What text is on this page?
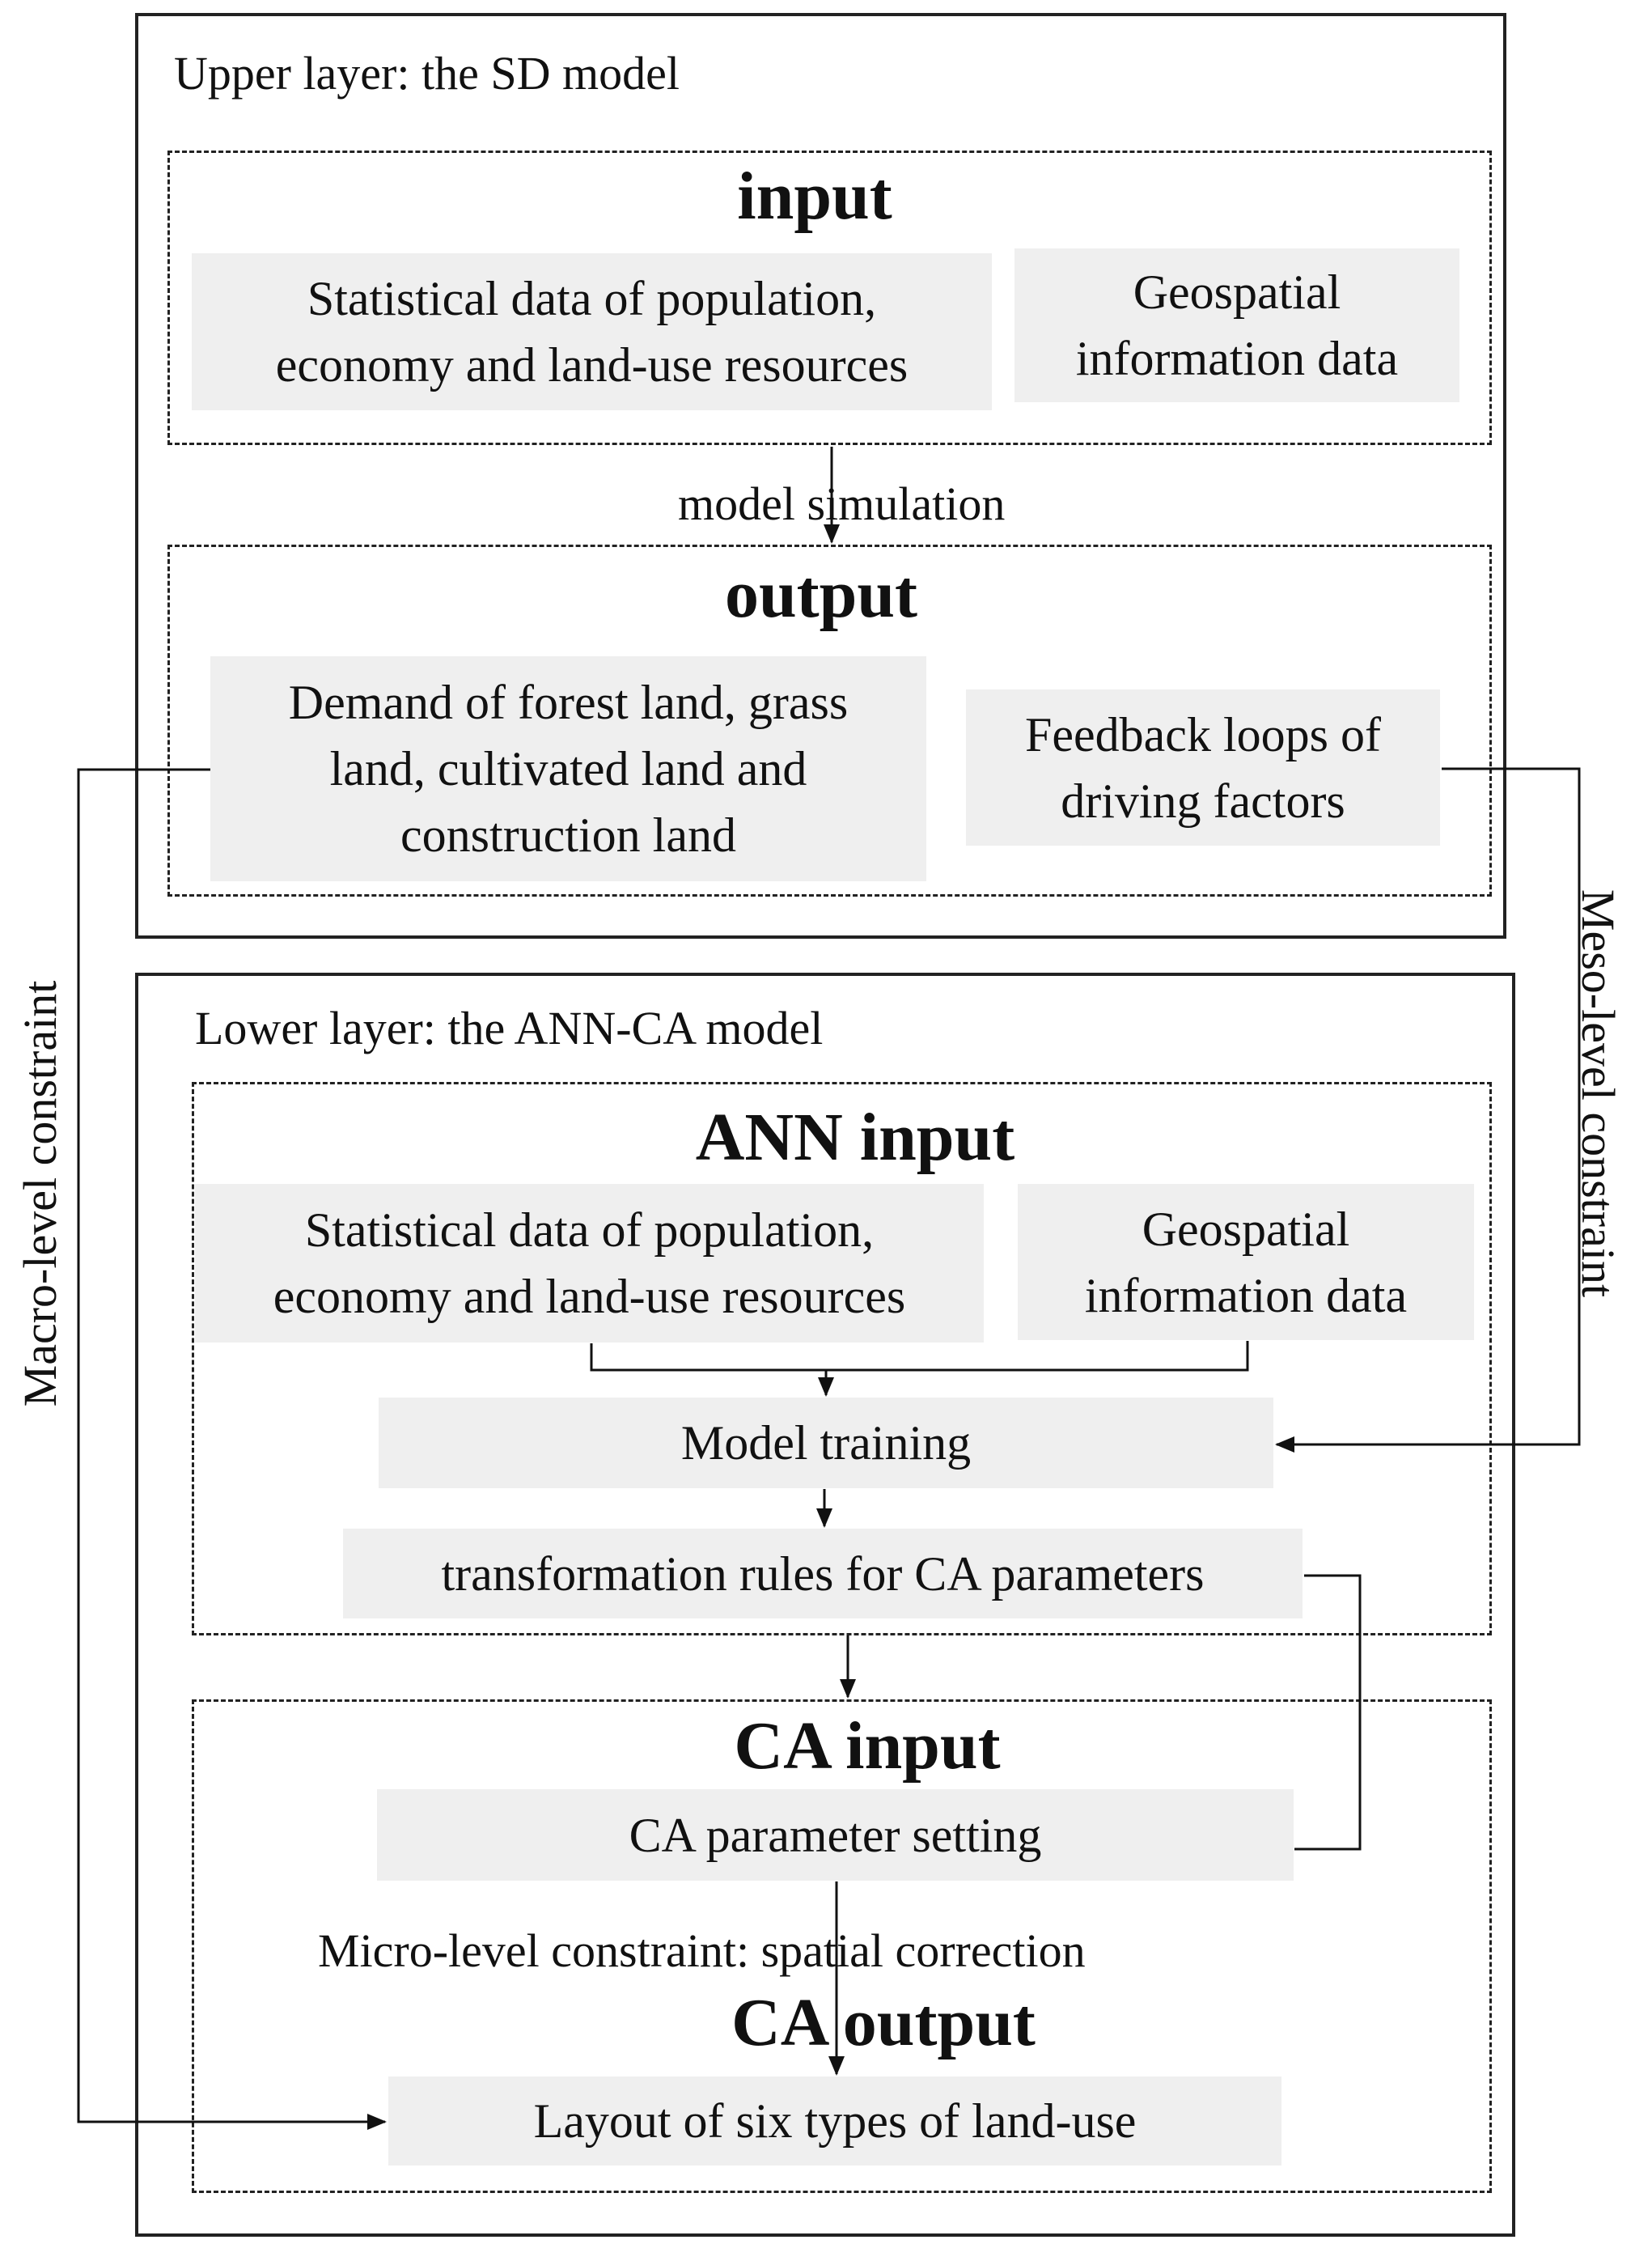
Upper layer: the SD model
input
Statistical data of population,
economy and land-use resources
Geospatial
information data
model simulation
output
Demand of forest land, grass
land, cultivated land and
construction land
Feedback loops of
driving factors
Lower layer: the ANN-CA model
ANN input
Statistical data of population,
economy and land-use resources
Geospatial
information data
Model training
transformation rules for CA parameters
CA input
CA parameter setting
Micro-level constraint: spatial correction
CA output
Layout of six types of land-use
Macro-level constraint	Meso-level constraint
